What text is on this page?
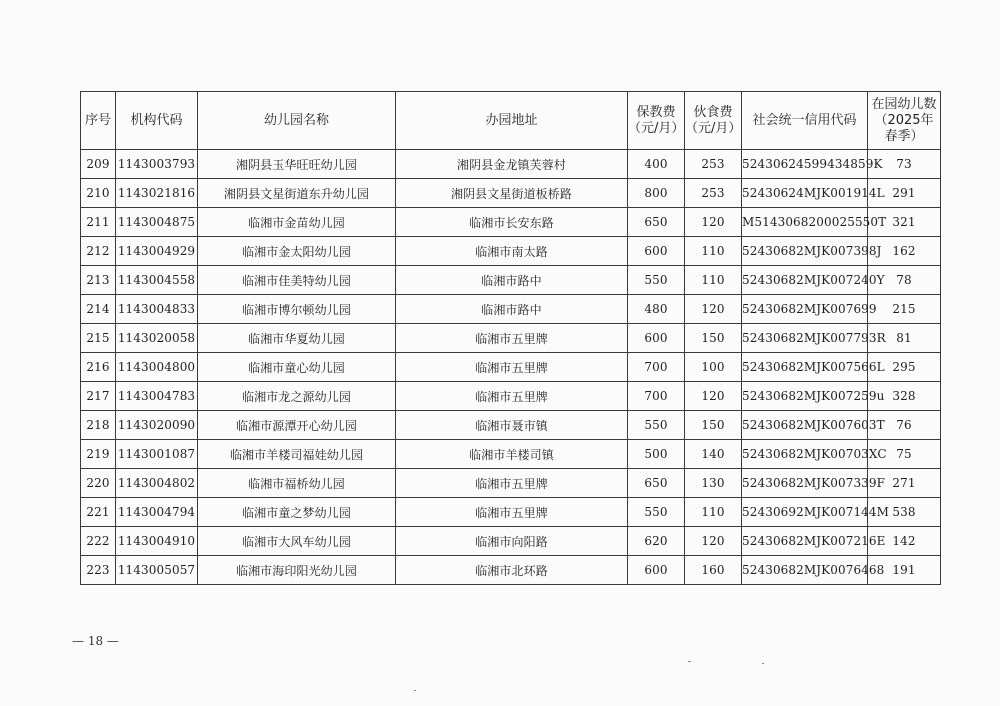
序号	机构代码	幼儿园名称	办园地址	保教费（元/月）	伙食费（元/月）	社会统一信用代码	在园幼儿数（2025年春季）
209	1143003793	湘阴县玉华旺旺幼儿园	湘阴县金龙镇芙蓉村	400	253	52430624599434859K	73
210	1143021816	湘阴县文星街道东升幼儿园	湘阴县文星街道板桥路	800	253	52430624MJK001914L	291
211	1143004875	临湘市金苗幼儿园	临湘市长安东路	650	120	M5143068200025550T	321
212	1143004929	临湘市金太阳幼儿园	临湘市南太路	600	110	52430682MJK007398J	162
213	1143004558	临湘市佳美特幼儿园	临湘市路中	550	110	52430682MJK007240Y	78
214	1143004833	临湘市博尔顿幼儿园	临湘市路中	480	120	52430682MJK007699	215
215	1143020058	临湘市华夏幼儿园	临湘市五里牌	600	150	52430682MJK007793R	81
216	1143004800	临湘市童心幼儿园	临湘市五里牌	700	100	52430682MJK007566L	295
217	1143004783	临湘市龙之源幼儿园	临湘市五里牌	700	120	52430682MJK007259u	328
218	1143020090	临湘市源潭开心幼儿园	临湘市聂市镇	550	150	52430682MJK007603T	76
219	1143001087	临湘市羊楼司福娃幼儿园	临湘市羊楼司镇	500	140	52430682MJK00703XC	75
220	1143004802	临湘市福桥幼儿园	临湘市五里牌	650	130	52430682MJK007339F	271
221	1143004794	临湘市童之梦幼儿园	临湘市五里牌	550	110	52430692MJK007144M	538
222	1143004910	临湘市大风车幼儿园	临湘市向阳路	620	120	52430682MJK007216E	142
223	1143005057	临湘市海印阳光幼儿园	临湘市北环路	600	160	52430682MJK0076468	191
— 18 —
